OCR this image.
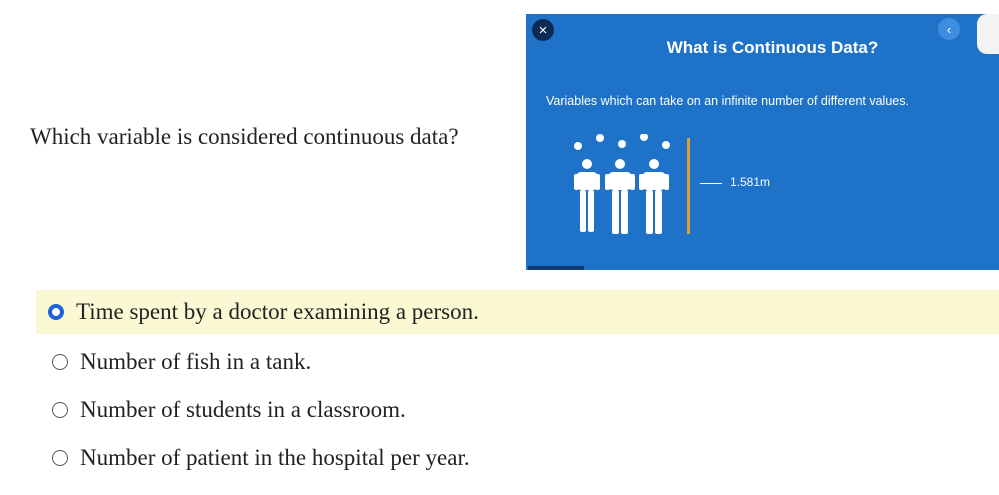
Which variable is considered continuous data?
×	‹
What is Continuous Data?
Variables which can take on an infinite number of different values.
1.581m
Time spent by a doctor examining a person.
Number of fish in a tank.
Number of students in a classroom.
Number of patient in the hospital per year.
